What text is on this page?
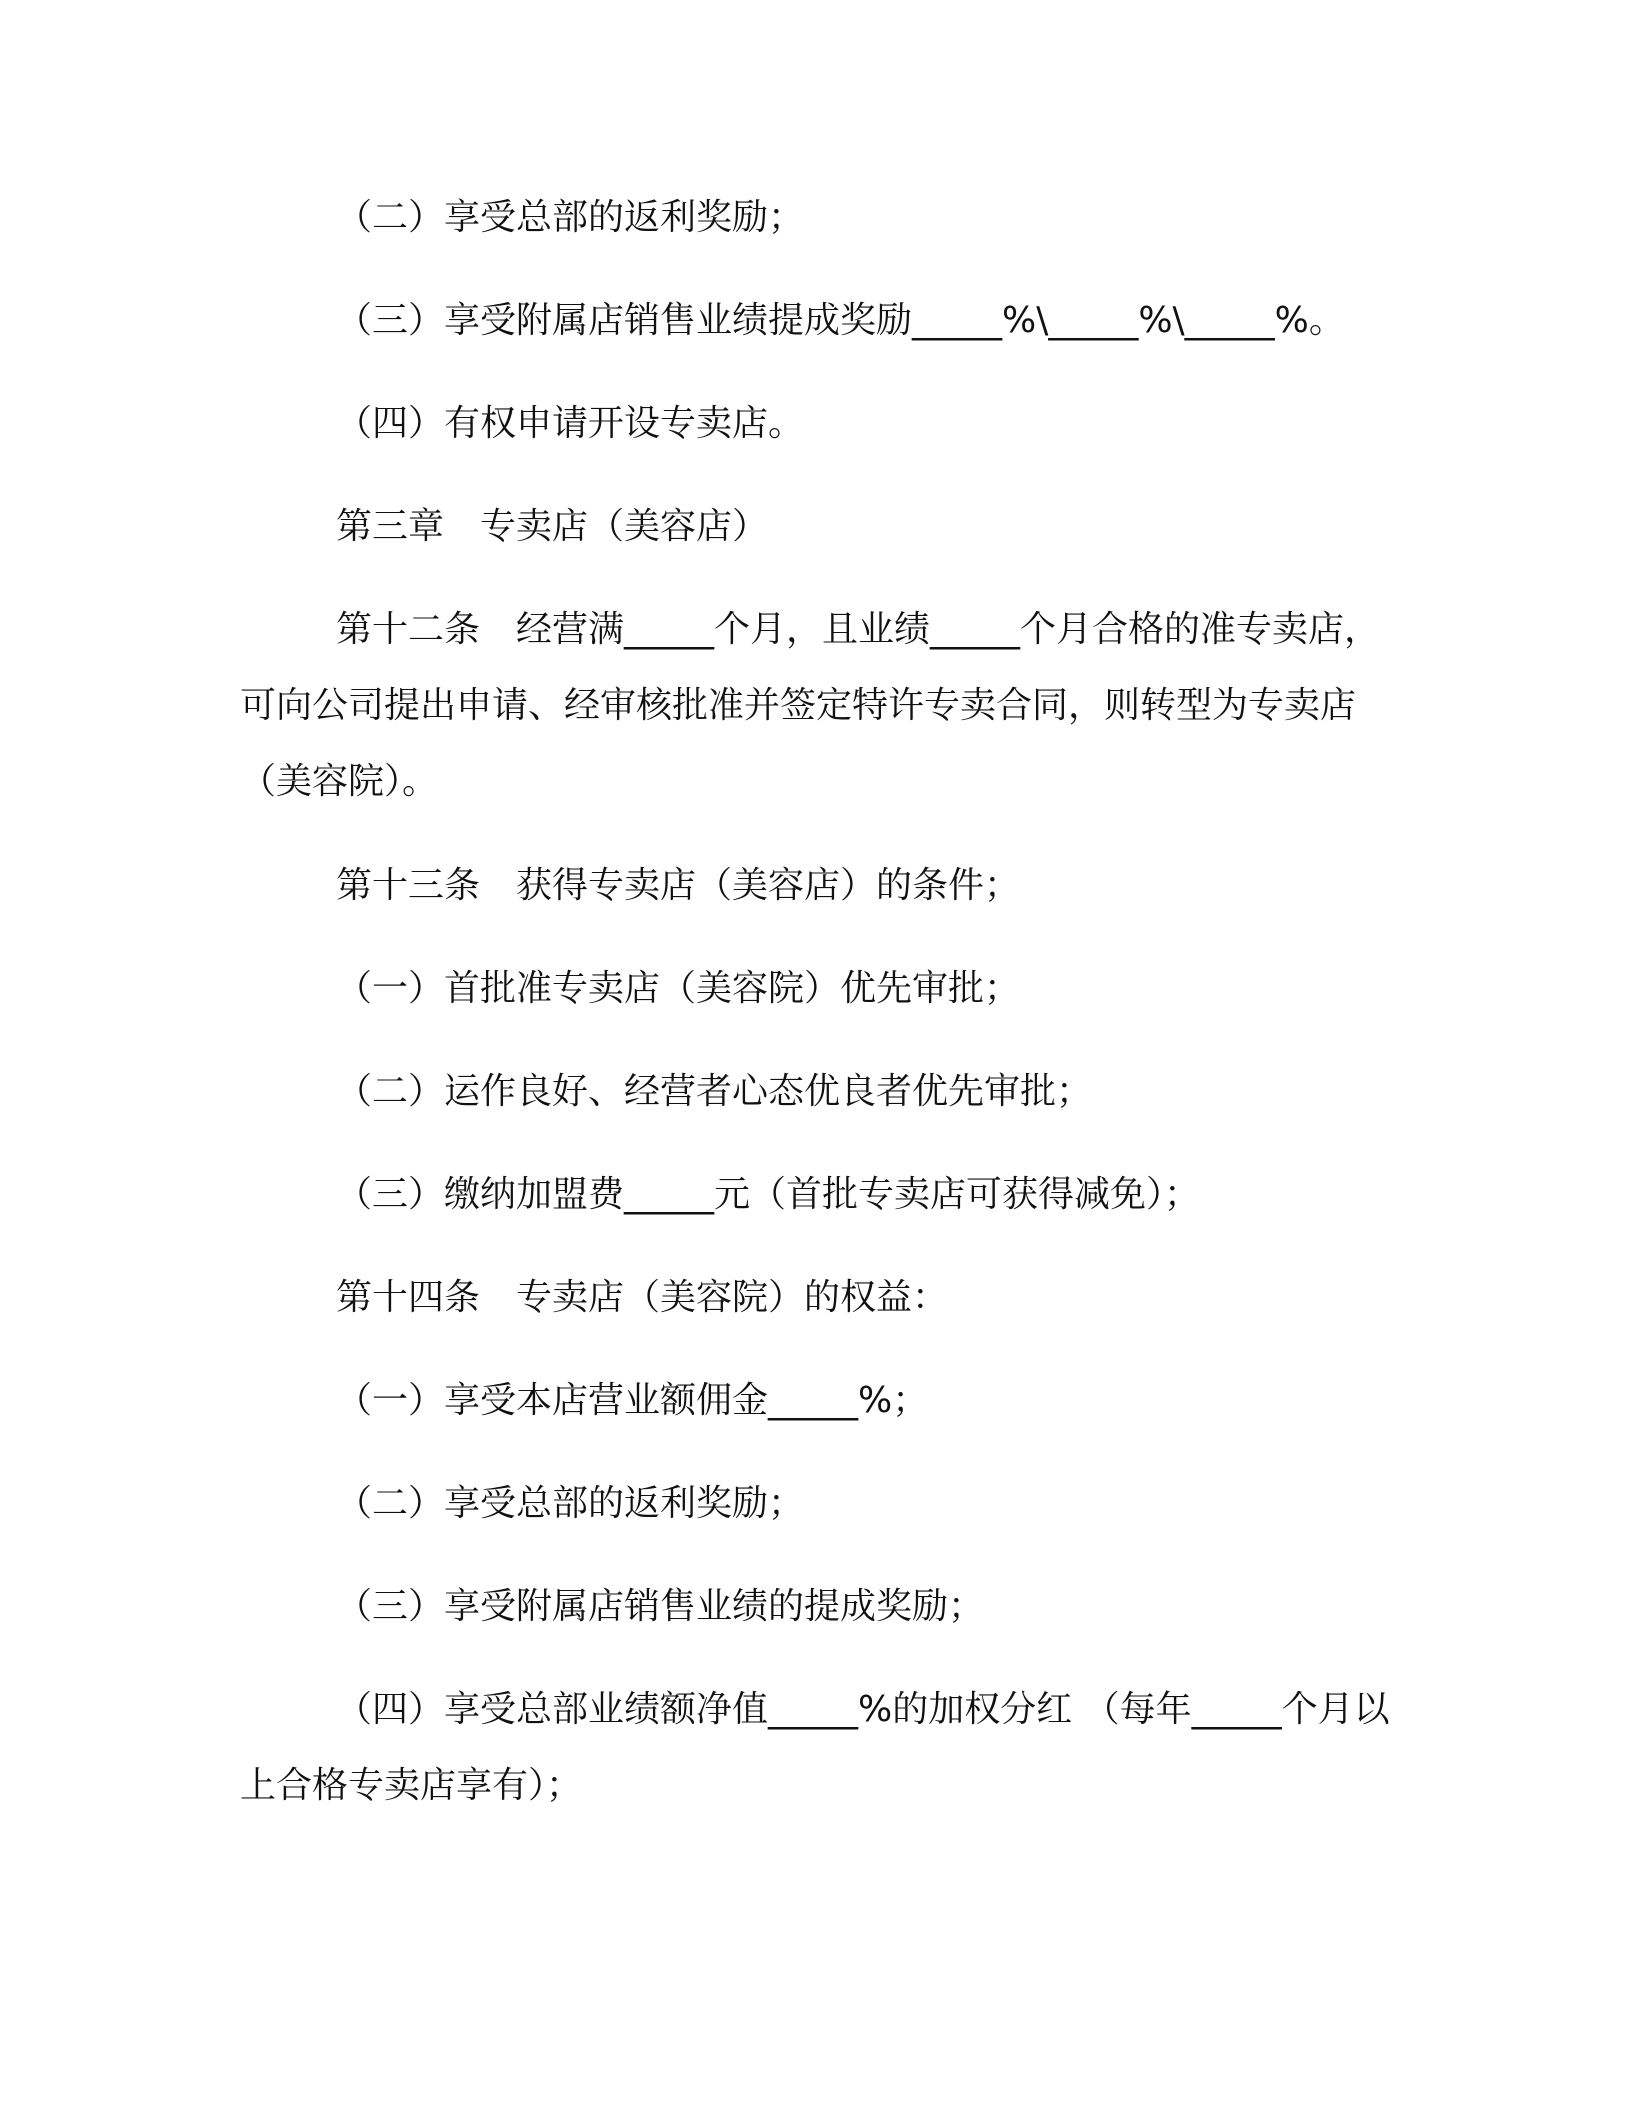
（二）享受总部的返利奖励；

（三）享受附属店销售业绩提成奖励_____%\_____%\_____%。

（四）有权申请开设专卖店。

第三章　专卖店（美容店）

第十二条　经营满_____个月，且业绩_____个月合格的准专卖店，可向公司提出申请、经审核批准并签定特许专卖合同，则转型为专卖店（美容院）。

第十三条　获得专卖店（美容店）的条件；

（一）首批准专卖店（美容院）优先审批；

（二）运作良好、经营者心态优良者优先审批；

（三）缴纳加盟费_____元（首批专卖店可获得减免）；

第十四条　专卖店（美容院）的权益：

（一）享受本店营业额佣金_____%；

（二）享受总部的返利奖励；

（三）享受附属店销售业绩的提成奖励；

（四）享受总部业绩额净值_____%的加权分红 （每年_____个月以上合格专卖店享有）；
